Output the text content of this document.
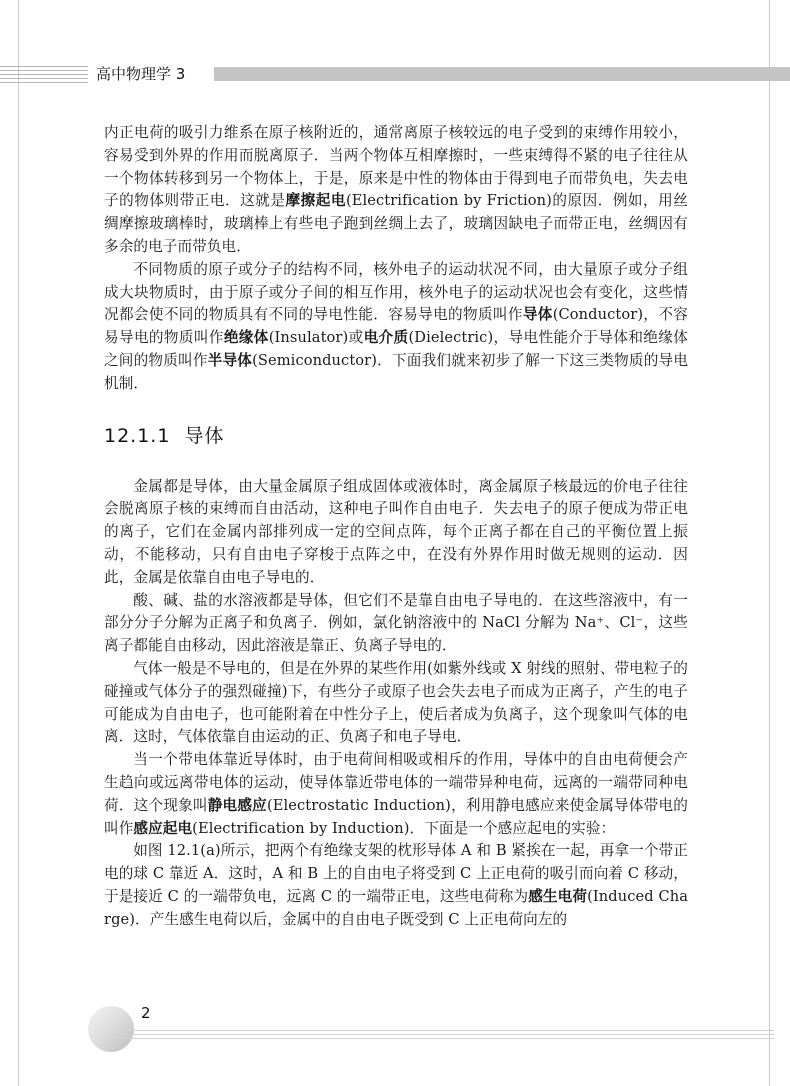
高中物理学 3

内正电荷的吸引力维系在原子核附近的，通常离原子核较远的电子受到的束缚作用较小，容易受到外界的作用而脱离原子．当两个物体互相摩擦时，一些束缚得不紧的电子往往从一个物体转移到另一个物体上，于是，原来是中性的物体由于得到电子而带负电，失去电子的物体则带正电．这就是摩擦起电(Electrification by Friction)的原因．例如，用丝绸摩擦玻璃棒时，玻璃棒上有些电子跑到丝绸上去了，玻璃因缺电子而带正电，丝绸因有多余的电子而带负电．

不同物质的原子或分子的结构不同，核外电子的运动状况不同，由大量原子或分子组成大块物质时，由于原子或分子间的相互作用，核外电子的运动状况也会有变化，这些情况都会使不同的物质具有不同的导电性能．容易导电的物质叫作导体(Conductor)，不容易导电的物质叫作绝缘体(Insulator)或电介质(Dielectric)，导电性能介于导体和绝缘体之间的物质叫作半导体(Semiconductor)．下面我们就来初步了解一下这三类物质的导电机制．

12.1.1 导体

金属都是导体，由大量金属原子组成固体或液体时，离金属原子核最远的价电子往往会脱离原子核的束缚而自由活动，这种电子叫作自由电子．失去电子的原子便成为带正电的离子，它们在金属内部排列成一定的空间点阵，每个正离子都在自己的平衡位置上振动，不能移动，只有自由电子穿梭于点阵之中，在没有外界作用时做无规则的运动．因此，金属是依靠自由电子导电的．

酸、碱、盐的水溶液都是导体，但它们不是靠自由电子导电的．在这些溶液中，有一部分分子分解为正离子和负离子．例如，氯化钠溶液中的 NaCl 分解为 Na⁺、Cl⁻，这些离子都能自由移动，因此溶液是靠正、负离子导电的．

气体一般是不导电的，但是在外界的某些作用(如紫外线或 X 射线的照射、带电粒子的碰撞或气体分子的强烈碰撞)下，有些分子或原子也会失去电子而成为正离子，产生的电子可能成为自由电子，也可能附着在中性分子上，使后者成为负离子，这个现象叫气体的电离．这时，气体依靠自由运动的正、负离子和电子导电．

当一个带电体靠近导体时，由于电荷间相吸或相斥的作用，导体中的自由电荷便会产生趋向或远离带电体的运动，使导体靠近带电体的一端带异种电荷，远离的一端带同种电荷．这个现象叫静电感应(Electrostatic Induction)，利用静电感应来使金属导体带电的叫作感应起电(Electrification by Induction)．下面是一个感应起电的实验：

如图 12.1(a)所示，把两个有绝缘支架的枕形导体 A 和 B 紧挨在一起，再拿一个带正电的球 C 靠近 A．这时，A 和 B 上的自由电子将受到 C 上正电荷的吸引而向着 C 移动，于是接近 C 的一端带负电，远离 C 的一端带正电，这些电荷称为感生电荷(Induced Charge)．产生感生电荷以后，金属中的自由电子既受到 C 上正电荷向左的

2
